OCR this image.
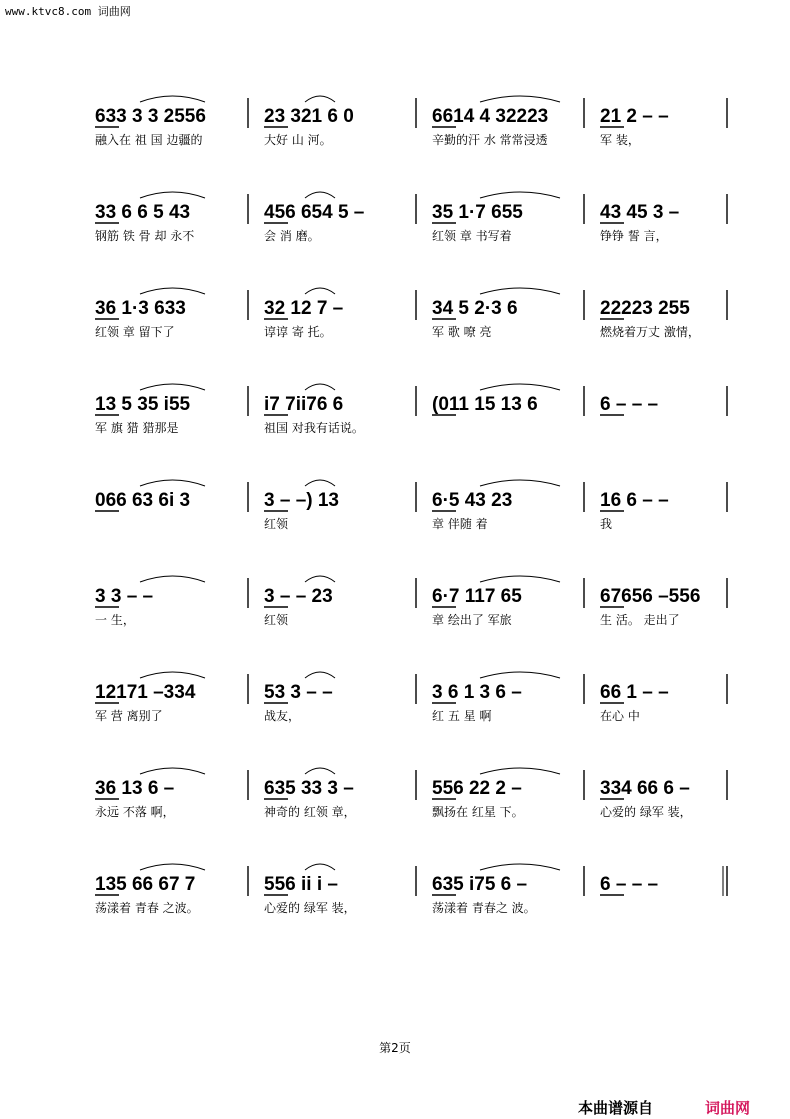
www.ktvc8.com 词曲网
633 3 3 2556
融入在 祖 国 边疆的
23 321 6 0
大好 山 河。
6614 4 32223
辛勤的汗 水 常常浸透
21 2 – –
军 装，
33 6 6 5 43
钢筋 铁 骨 却 永不
456 654 5 –
会 消 磨。
35 1·7 655
红领 章 书写着
43 45 3 –
铮铮 誓 言，
36 1·3 633
红领 章 留下了
32 12 7 –
谆谆 寄 托。
34 5 2·3 6
军 歌 嘹 亮
22223 255
燃烧着万丈 激情，
13 5 35 i55
军 旗 猎 猎那是
i7 7ii76 6
祖国 对我有话说。
(011 15 13 6	6 – – –
066 63 6i 3	3 – –) 13
红领
6·5 43 23
章 伴随 着
16 6 – –
我
3 3 – –
一 生，
3 – – 23
红领
6·7 117 65
章 绘出了 军旅
67656 –556
生 活。 走出了
12171 –334
军 营 离别了
53 3 – –
战友，
3 6 1 3 6 –
红 五 星 啊
66 1 – –
在心 中
36 13 6 –
永远 不落 啊，
635 33 3 –
神奇的 红领 章，
556 22 2 –
飘扬在 红星 下。
334 66 6 –
心爱的 绿军 装，
135 66 67 7
荡漾着 青春 之波。
556 ii i –
心爱的 绿军 装，
635 i75 6 –
荡漾着 青春之 波。
6 – – –
第2页
本曲谱源自	词曲网
